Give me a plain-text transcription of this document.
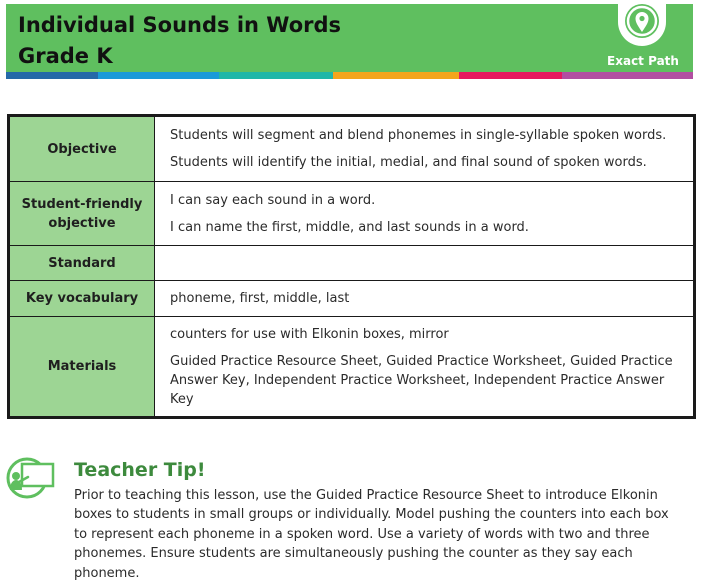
Individual Sounds in Words
Grade K	Exact Path
Objective	Students will segment and blend phonemes in single-syllable spoken words.

Students will identify the initial, medial, and final sound of spoken words.

Student-friendly objective	I can say each sound in a word.

I can name the first, middle, and last sounds in a word.

Standard	
Key vocabulary	phoneme, first, middle, last

Materials	counters for use with Elkonin boxes, mirror

Guided Practice Resource Sheet, Guided Practice Worksheet, Guided Practice Answer Key, Independent Practice Worksheet, Independent Practice Answer Key

Teacher Tip!
Prior to teaching this lesson, use the Guided Practice Resource Sheet to introduce Elkonin boxes to students in small groups or individually. Model pushing the counters into each box to represent each phoneme in a spoken word. Use a variety of words with two and three phonemes. Ensure students are simultaneously pushing the counter as they say each phoneme.
